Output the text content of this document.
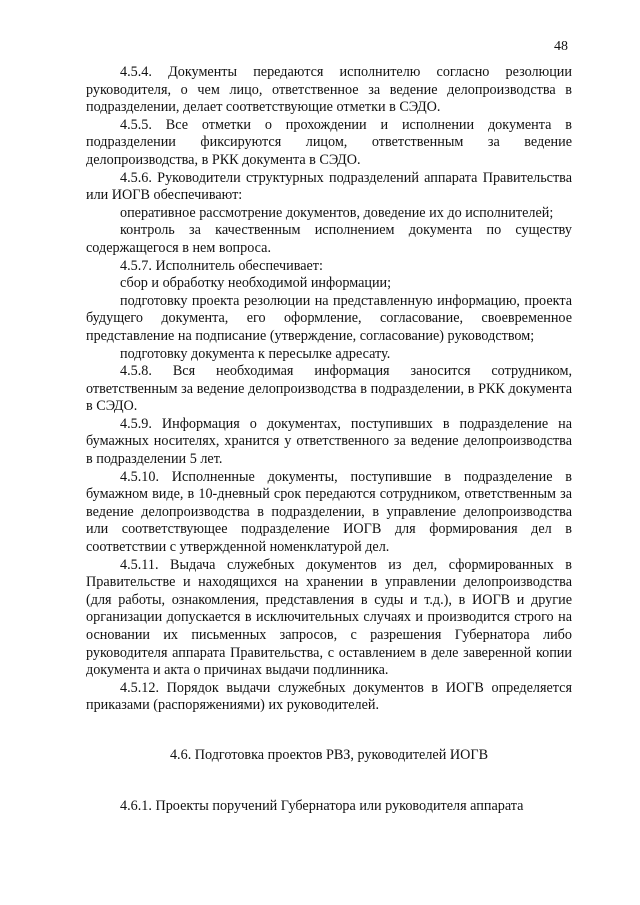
48

4.5.4. Документы передаются исполнителю согласно резолюции руководителя, о чем лицо, ответственное за ведение делопроизводства в подразделении, делает соответствующие отметки в СЭДО.

4.5.5. Все отметки о прохождении и исполнении документа в подразделении фиксируются лицом, ответственным за ведение делопроизводства, в РКК документа в СЭДО.

4.5.6. Руководители структурных подразделений аппарата Правительства или ИОГВ обеспечивают:

оперативное рассмотрение документов, доведение их до исполнителей;

контроль за качественным исполнением документа по существу содержащегося в нем вопроса.

4.5.7. Исполнитель обеспечивает:

сбор и обработку необходимой информации;

подготовку проекта резолюции на представленную информацию, проекта будущего документа, его оформление, согласование, своевременное представление на подписание (утверждение, согласование) руководством;

подготовку документа к пересылке адресату.

4.5.8. Вся необходимая информация заносится сотрудником, ответственным за ведение делопроизводства в подразделении, в РКК документа в СЭДО.

4.5.9. Информация о документах, поступивших в подразделение на бумажных носителях, хранится у ответственного за ведение делопроизводства в подразделении 5 лет.

4.5.10. Исполненные документы, поступившие в подразделение в бумажном виде, в 10-дневный срок передаются сотрудником, ответственным за ведение делопроизводства в подразделении, в управление делопроизводства или соответствующее подразделение ИОГВ для формирования дел в соответствии с утвержденной номенклатурой дел.

4.5.11. Выдача служебных документов из дел, сформированных в Правительстве и находящихся на хранении в управлении делопроизводства (для работы, ознакомления, представления в суды и т.д.), в ИОГВ и другие организации допускается в исключительных случаях и производится строго на основании их письменных запросов, с разрешения Губернатора либо руководителя аппарата Правительства, с оставлением в деле заверенной копии документа и акта о причинах выдачи подлинника.

4.5.12. Порядок выдачи служебных документов в ИОГВ определяется приказами (распоряжениями) их руководителей.

4.6. Подготовка проектов РВЗ, руководителей ИОГВ

4.6.1. Проекты поручений Губернатора или руководителя аппарата
